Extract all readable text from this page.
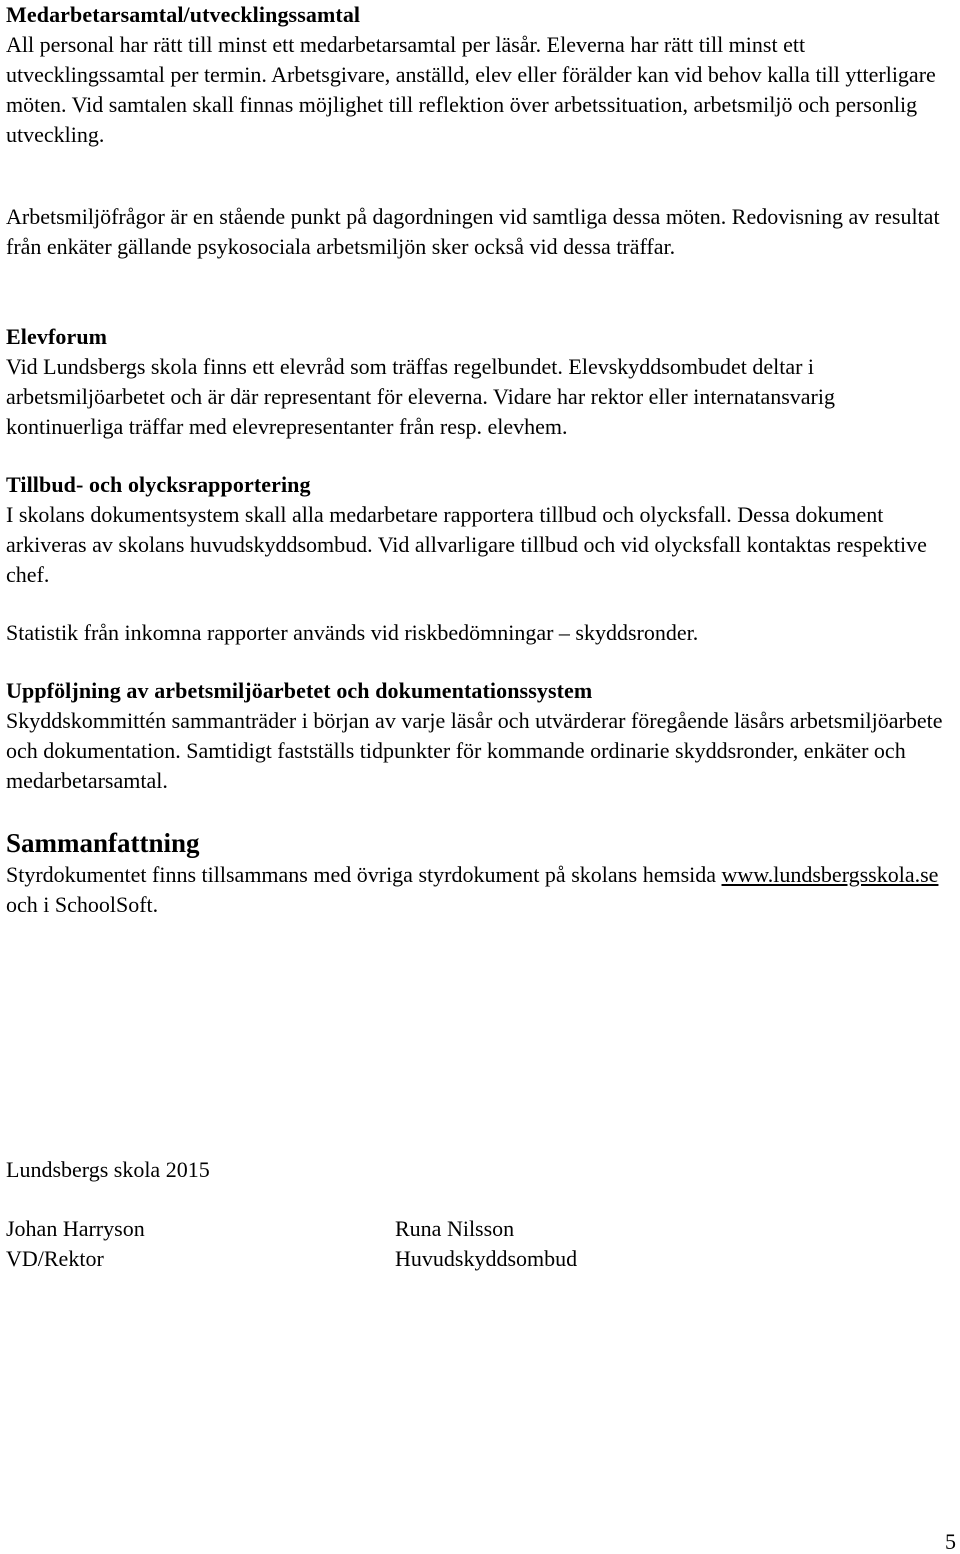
Medarbetarsamtal/utvecklingssamtal

All personal har rätt till minst ett medarbetarsamtal per läsår. Eleverna har rätt till minst ett utvecklingssamtal per termin. Arbetsgivare, anställd, elev eller förälder kan vid behov kalla till ytterligare möten. Vid samtalen skall finnas möjlighet till reflektion över arbetssituation, arbetsmiljö och personlig utveckling.

Arbetsmiljöfrågor är en stående punkt på dagordningen vid samtliga dessa möten. Redovisning av resultat från enkäter gällande psykosociala arbetsmiljön sker också vid dessa träffar.

Elevforum

Vid Lundsbergs skola finns ett elevråd som träffas regelbundet. Elevskyddsombudet deltar i arbetsmiljöarbetet och är där representant för eleverna. Vidare har rektor eller internatansvarig kontinuerliga träffar med elevrepresentanter från resp. elevhem.

Tillbud- och olycksrapportering

I skolans dokumentsystem skall alla medarbetare rapportera tillbud och olycksfall. Dessa dokument arkiveras av skolans huvudskyddsombud. Vid allvarligare tillbud och vid olycksfall kontaktas respektive chef.

Statistik från inkomna rapporter används vid riskbedömningar – skyddsronder.

Uppföljning av arbetsmiljöarbetet och dokumentationssystem

Skyddskommittén sammanträder i början av varje läsår och utvärderar föregående läsårs arbetsmiljöarbete och dokumentation. Samtidigt fastställs tidpunkter för kommande ordinarie skyddsronder, enkäter och medarbetarsamtal.

Sammanfattning

Styrdokumentet finns tillsammans med övriga styrdokument på skolans hemsida www.lundsbergsskola.se och i SchoolSoft.

Lundsbergs skola 2015
Johan Harryson
VD/Rektor
Runa Nilsson
Huvudskyddsombud
5
